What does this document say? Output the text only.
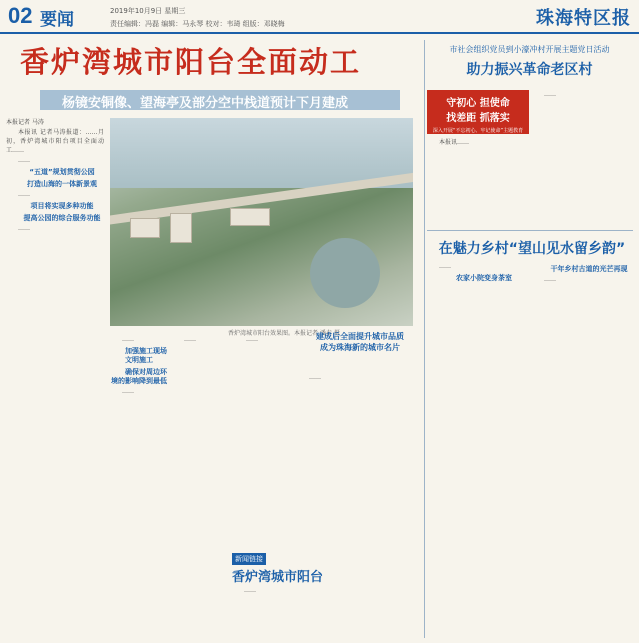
02 要闻	2019年10月9日 星期三
责任编辑：冯磊 编辑：马永琴 校对：韦琦 组版：邓晓梅	珠海特区报
香炉湾城市阳台全面动工
杨镜安铜像、望海亭及部分空中栈道预计下月建成

本报记者 马涛

本报讯 记者马涛报道：……月初，香炉湾城市阳台项目全面动工……

……

“五道”规划贯彻公园

打造山海的一体新景观

……

项目将实现多种功能

提高公园的综合服务功能

……

香炉湾城市阳台效果图。本报记者 潘春 摄

……

加强施工现场文明施工

确保对周边环境的影响降到最低

……

……	……	建成后全面提升城市品质
成为珠海新的城市名片

……

新闻链接
香炉湾城市阳台

……

市社会组织党员到小濠冲村开展主题党日活动
助力振兴革命老区村
守初心 担使命
找差距 抓落实
深入开展“不忘初心、牢记使命”主题教育

本报讯……

……

在魅力乡村“望山见水留乡韵”

……

农家小院变身茶室

干年乡村古道的光芒再现

……
